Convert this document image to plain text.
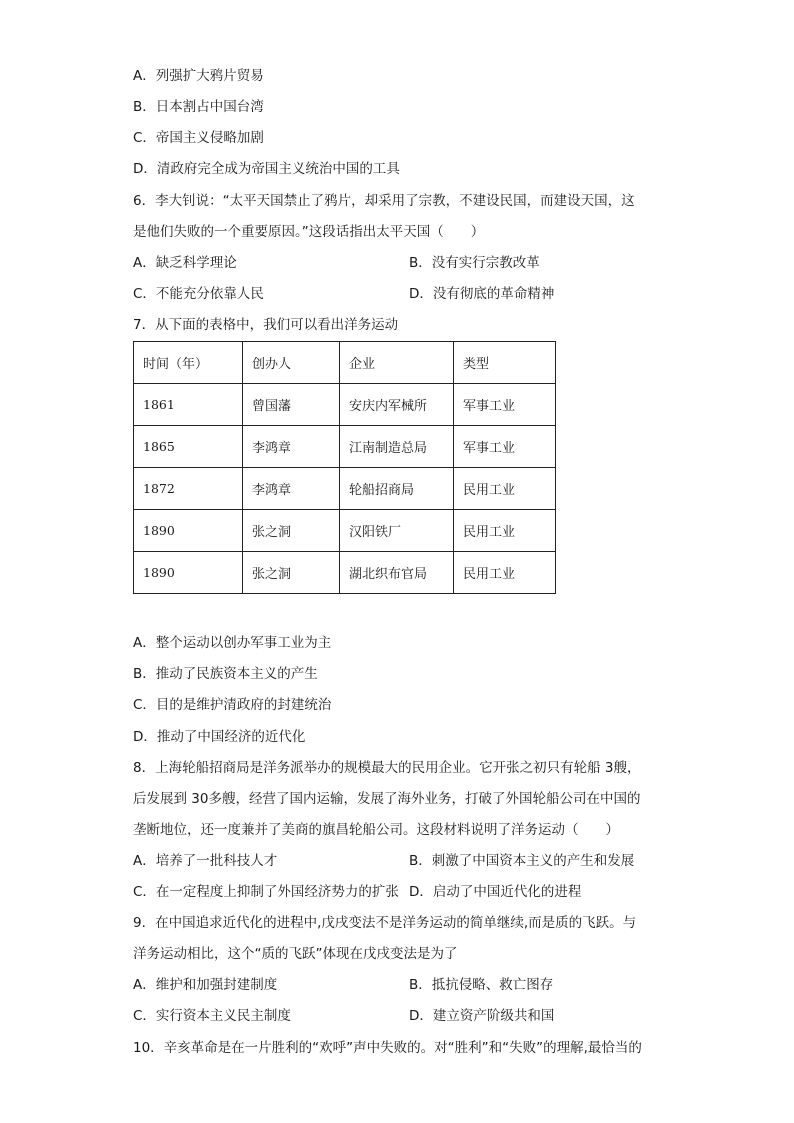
A．列强扩大鸦片贸易
B．日本割占中国台湾
C．帝国主义侵略加剧
D．清政府完全成为帝国主义统治中国的工具
6．李大钊说：“太平天国禁止了鸦片，却采用了宗教，不建设民国，而建设天国，这
是他们失败的一个重要原因。”这段话指出太平天国（　　）
A．缺乏科学理论	B．没有实行宗教改革
C．不能充分依靠人民	D．没有彻底的革命精神
7．从下面的表格中，我们可以看出洋务运动
时间（年）	创办人	企业	类型
1861	曾国藩	安庆内军械所	军事工业
1865	李鸿章	江南制造总局	军事工业
1872	李鸿章	轮船招商局	民用工业
1890	张之洞	汉阳铁厂	民用工业
1890	张之洞	湖北织布官局	民用工业
A．整个运动以创办军事工业为主
B．推动了民族资本主义的产生
C．目的是维护清政府的封建统治
D．推动了中国经济的近代化
8．上海轮船招商局是洋务派举办的规模最大的民用企业。它开张之初只有轮船 3艘，
后发展到 30多艘，经营了国内运输，发展了海外业务，打破了外国轮船公司在中国的
垄断地位，还一度兼并了美商的旗昌轮船公司。这段材料说明了洋务运动（　　）
A．培养了一批科技人才	B．刺激了中国资本主义的产生和发展
C．在一定程度上抑制了外国经济势力的扩张 D．启动了中国近代化的进程
9．在中国追求近代化的进程中,戊戌变法不是洋务运动的简单继续,而是质的飞跃。与
洋务运动相比，这个“质的飞跃”体现在戊戌变法是为了
A．维护和加强封建制度	B．抵抗侵略、救亡图存
C．实行资本主义民主制度	D．建立资产阶级共和国
10．辛亥革命是在一片胜利的“欢呼”声中失败的。对“胜利”和“失败”的理解,最恰当的
